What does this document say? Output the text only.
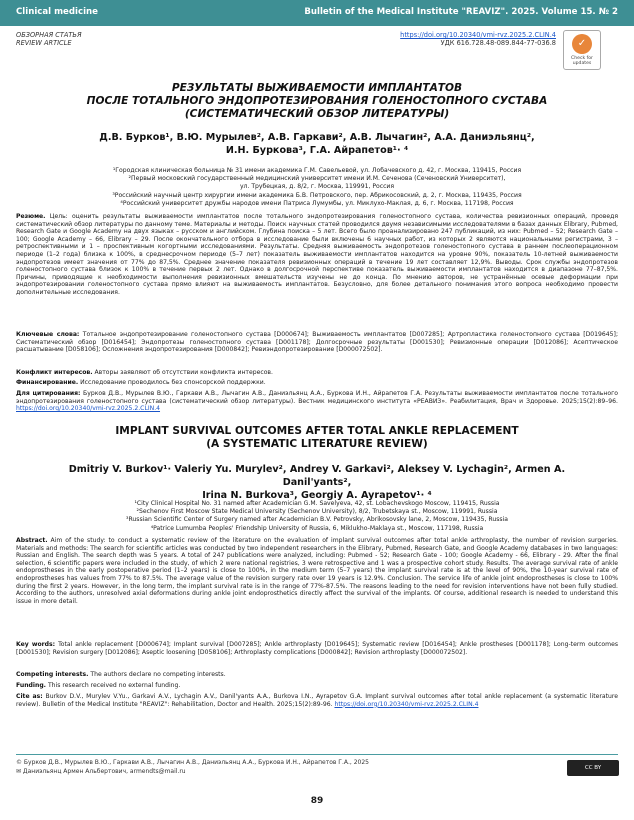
Clinical medicine	Bulletin of the Medical Institute "REAVIZ". 2025. Volume 15. № 2
ОБЗОРНАЯ СТАТЬЯ
REVIEW ARTICLE
https://doi.org/10.20340/vmi-rvz.2025.2.CLIN.4
УДК 616.728.48-089.844-77-036.8	✓
Check for updates
РЕЗУЛЬТАТЫ ВЫЖИВАЕМОСТИ ИМПЛАНТАТОВ
ПОСЛЕ ТОТАЛЬНОГО ЭНДОПРОТЕЗИРОВАНИЯ ГОЛЕНОСТОПНОГО СУСТАВА
(СИСТЕМАТИЧЕСКИЙ ОБЗОР ЛИТЕРАТУРЫ)
Д.В. Бурков¹, В.Ю. Мурылев², А.В. Гаркави², А.В. Лычагин², А.А. Даниэльянц²,
И.Н. Буркова³, Г.А. Айрапетов¹· ⁴
¹Городская клиническая больница № 31 имени академика Г.М. Савельевой, ул. Лобачевского д. 42, г. Москва, 119415, Россия
²Первый московский государственный медицинский университет имени И.М. Сеченова (Сеченовский Университет),
ул. Трубецкая, д. 8/2, г. Москва, 119991, Россия
³Российский научный центр хирургии имени академика Б.В. Петровского, пер. Абрикосовский, д. 2, г. Москва, 119435, Россия
⁴Российский университет дружбы народов имени Патриса Лумумбы, ул. Миклухо-Маклая, д. 6, г. Москва, 117198, Россия
Резюме. Цель: оценить результаты выживаемости имплантатов после тотального эндопротезирования голеностопного сустава, количества ревизионных операций, проведя систематический обзор литературы по данному теме. Материалы и методы. Поиск научных статей проводился двумя независимыми исследователями в базах данных Elibrary, Pubmed, Research Gate и Google Academy на двух языках – русском и английском. Глубина поиска – 5 лет. Всего было проанализировано 247 публикаций, из них: Pubmed – 52; Research Gate – 100; Google Academy – 66, Elibrary – 29. После окончательного отбора в исследование были включены 6 научных работ, из которых 2 являются национальными регистрами, 3 – ретроспективными и 1 – проспективным когортными исследованиями. Результаты. Средняя выживаемость эндопротезов голеностопного сустава в раннем послеоперационном периоде (1–2 года) близка к 100%, в среднесрочном периоде (5–7 лет) показатель выживаемости имплантатов находится на уровне 90%, показатель 10-летней выживаемости эндопротезов имеет значения от 77% до 87,5%. Среднее значение показателя ревизионных операций в течение 19 лет составляет 12,9%. Выводы. Срок службы эндопротезов голеностопного сустава близок к 100% в течение первых 2 лет. Однако в долгосрочной перспективе показатель выживаемости имплантатов находится в диапазоне 77–87,5%. Причины, приводящие к необходимости выполнения ревизионных вмешательств изучены не до конца. По мнению авторов, не устранённые осевые деформации при эндопротезировании голеностопного сустава прямо влияют на выживаемость имплантатов. Безусловно, для более детального понимания этого вопроса необходимо провести дополнительные исследования.
Ключевые слова: Тотальное эндопротезирование голеностопного сустава [D000674]; Выживаемость имплантатов [D007285]; Артропластика голеностопного сустава [D019645]; Систематический обзор [D016454]; Эндопротезы голеностопного сустава [D001178]; Долгосрочные результаты [D001530]; Ревизионные операции [D012086]; Асептическое расшатывание [D058106]; Осложнения эндопротезирования [D000842]; Ревиэндопротезирование [D000072502].
Конфликт интересов. Авторы заявляют об отсутствии конфликта интересов.
Финансирование. Исследование проводилось без спонсорской поддержки.
Для цитирования: Бурков Д.В., Мурылев В.Ю., Гаркави А.В., Лычагин А.В., Даниэльянц А.А., Буркова И.Н., Айрапетов Г.А. Результаты выживаемости имплантатов после тотального эндопротезирования голеностопного сустава (систематический обзор литературы). Вестник медицинского института «РЕАВИЗ». Реабилитация, Врач и Здоровье. 2025;15(2):89–96. https://doi.org/10.20340/vmi-rvz.2025.2.CLIN.4
IMPLANT SURVIVAL OUTCOMES AFTER TOTAL ANKLE REPLACEMENT
(A SYSTEMATIC LITERATURE REVIEW)
Dmitriy V. Burkov¹· Valeriy Yu. Murylev², Andrey V. Garkavi², Aleksey V. Lychagin², Armen A. Danil'yants²,
Irina N. Burkova³, Georgiy A. Ayrapetov¹· ⁴
¹City Clinical Hospital No. 31 named after Academician G.M. Savelyeva, 42, st. Lobachevskogo Moscow, 119415, Russia
²Sechenov First Moscow State Medical University (Sechenov University), 8/2, Trubetskaya st., Moscow, 119991, Russia
³Russian Scientific Center of Surgery named after Academician B.V. Petrovsky, Abrikosovsky lane, 2, Moscow, 119435, Russia
⁴Patrice Lumumba Peoples' Friendship University of Russia, 6, Miklukho-Maklaya st., Moscow, 117198, Russia
Abstract. Aim of the study: to conduct a systematic review of the literature on the evaluation of implant survival outcomes after total ankle arthroplasty, the number of revision surgeries. Materials and methods: The search for scientific articles was conducted by two independent researchers in the Elibrary, Pubmed, Research Gate, and Google Academy databases in two languages: Russian and English. The search depth was 5 years. A total of 247 publications were analyzed, including: Pubmed - 52; Research Gate - 100; Google Academy - 66, Elibrary - 29. After the final selection, 6 scientific papers were included in the study, of which 2 were national registries, 3 were retrospective and 1 was a prospective cohort study. Results. The average survival rate of ankle endoprostheses in the early postoperative period (1–2 years) is close to 100%, in the medium term (5–7 years) the implant survival rate is at the level of 90%, the 10-year survival rate of endoprostheses has values from 77% to 87.5%. The average value of the revision surgery rate over 19 years is 12.9%. Conclusion. The service life of ankle joint endoprostheses is close to 100% during the first 2 years. However, in the long term, the implant survival rate is in the range of 77%-87.5%. The reasons leading to the need for revision interventions have not been fully studied. According to the authors, unresolved axial deformations during ankle joint endoprosthetics directly affect the survival of the implants. Of course, additional research is needed to understand this issue in more detail.
Key words: Total ankle replacement [D000674]; Implant survival [D007285]; Ankle arthroplasty [D019645]; Systematic review [D016454]; Ankle prostheses [D001178]; Long-term outcomes [D001530]; Revision surgery [D012086]; Aseptic loosening [D058106]; Arthroplasty complications [D000842]; Revision arthroplasty [D000072502].
Competing interests. The authors declare no competing interests.
Funding. This research received no external funding.
Cite as: Burkov D.V., Murylev V.Yu., Garkavi A.V., Lychagin A.V., Danil'yants A.A., Burkova I.N., Ayrapetov G.A. Implant survival outcomes after total ankle replacement (a systematic literature review). Bulletin of the Medical Institute "REAVIZ": Rehabilitation, Doctor and Health. 2025;15(2):89-96. https://doi.org/10.20340/vmi-rvz.2025.2.CLIN.4
© Бурков Д.В., Мурылев В.Ю., Гаркави А.В., Лычагин А.В., Даниэльянц А.А., Буркова И.Н., Айрапетов Г.А., 2025
✉ Даниэльянц Армен Альбертович, armendts@mail.ru	CC BY
89
